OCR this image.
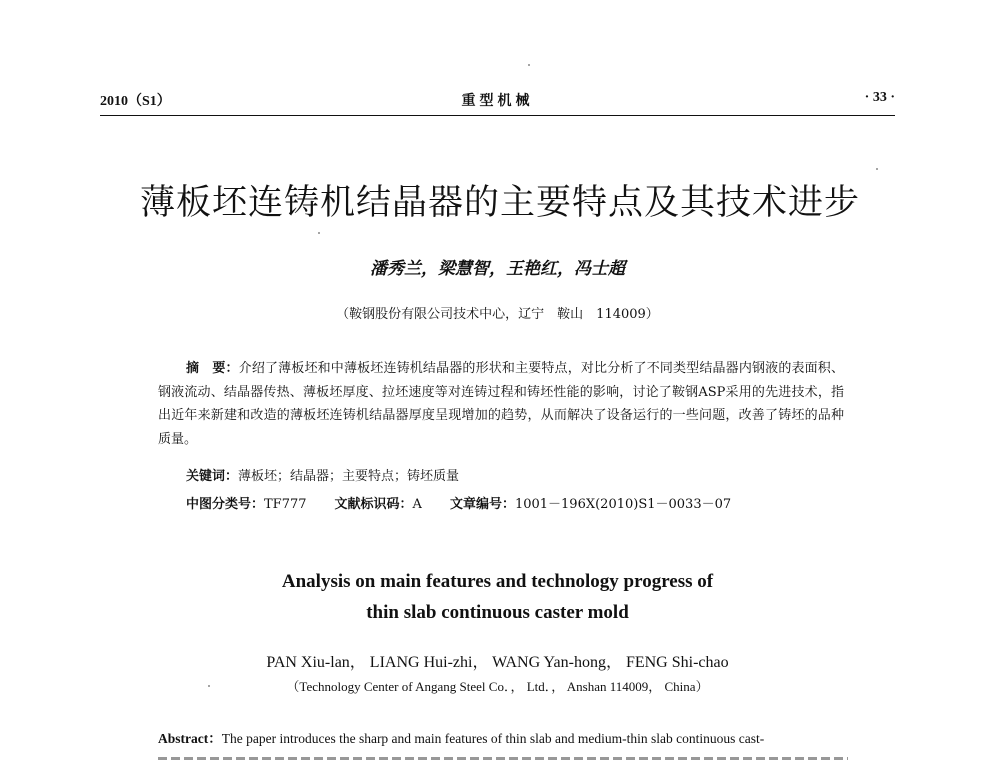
2010（S1）	重型机械	· 33 ·
薄板坯连铸机结晶器的主要特点及其技术进步
潘秀兰，梁慧智，王艳红，冯士超
（鞍钢股份有限公司技术中心，辽宁　鞍山　114009）

摘　要：介绍了薄板坯和中薄板坯连铸机结晶器的形状和主要特点，对比分析了不同类型结晶器内钢液的表面积、钢液流动、结晶器传热、薄板坯厚度、拉坯速度等对连铸过程和铸坯性能的影响，讨论了鞍钢ASP采用的先进技术，指出近年来新建和改造的薄板坯连铸机结晶器厚度呈现增加的趋势，从而解决了设备运行的一些问题，改善了铸坯的品种质量。

关键词：薄板坯；结晶器；主要特点；铸坯质量
中图分类号：TF777 文献标识码：A 文章编号：1001－196X(2010)S1－0033－07
Analysis on main features and technology progress of
thin slab continuous caster mold
PAN Xiu-lan， LIANG Hui-zhi， WANG Yan-hong， FENG Shi-chao
（Technology Center of Angang Steel Co．， Ltd．， Anshan 114009， China）
Abstract：The paper introduces the sharp and main features of thin slab and medium-thin slab continuous cast-
